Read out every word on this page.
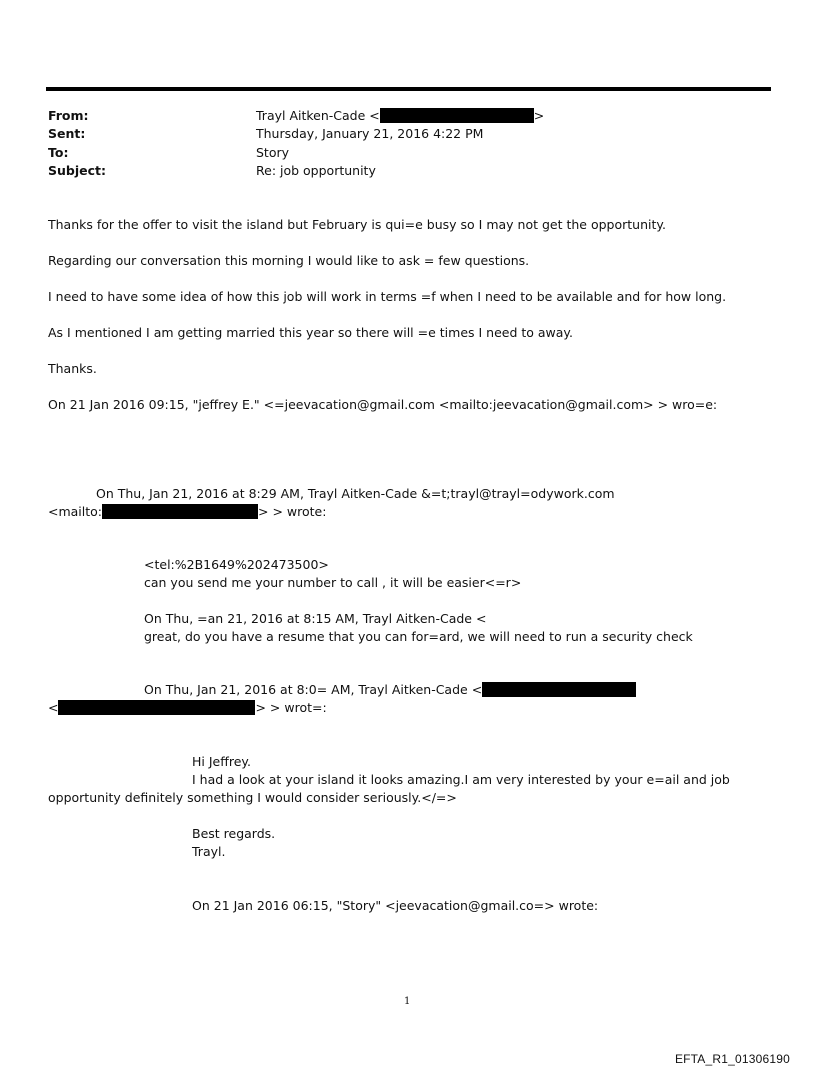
From:	Trayl Aitken-Cade <	>
Sent:	Thursday, January 21, 2016 4:22 PM
To:	Story
Subject:	Re: job opportunity
Thanks for the offer to visit the island but February is qui=e busy so I may not get the opportunity.
Regarding our conversation this morning I would like to ask = few questions.
I need to have some idea of how this job will work in terms =f when I need to be available and for how long.
As I mentioned I am getting married this year so there will =e times I need to away.
Thanks.
On 21 Jan 2016 09:15, "jeffrey E." <=jeevacation@gmail.com <mailto:jeevacation@gmail.com> > wro=e:
On Thu, Jan 21, 2016 at 8:29 AM, Trayl Aitken-Cade &=t;trayl@trayl=odywork.com
<mailto:	> > wrote:
<tel:%2B1649%202473500>
can you send me your number to call , it will be easier<=r>
On Thu, =an 21, 2016 at 8:15 AM, Trayl Aitken-Cade <
great, do you have a resume that you can for=ard, we will need to run a security check
On Thu, Jan 21, 2016 at 8:0= AM, Trayl Aitken-Cade <
<	> > wrot=:
Hi Jeffrey.
I had a look at your island it looks amazing.I am very interested by your e=ail and job
opportunity definitely something I would consider seriously.</=>
Best regards.
Trayl.
On 21 Jan 2016 06:15, "Story" <jeevacation@gmail.co=> wrote:
1
EFTA_R1_01306190
